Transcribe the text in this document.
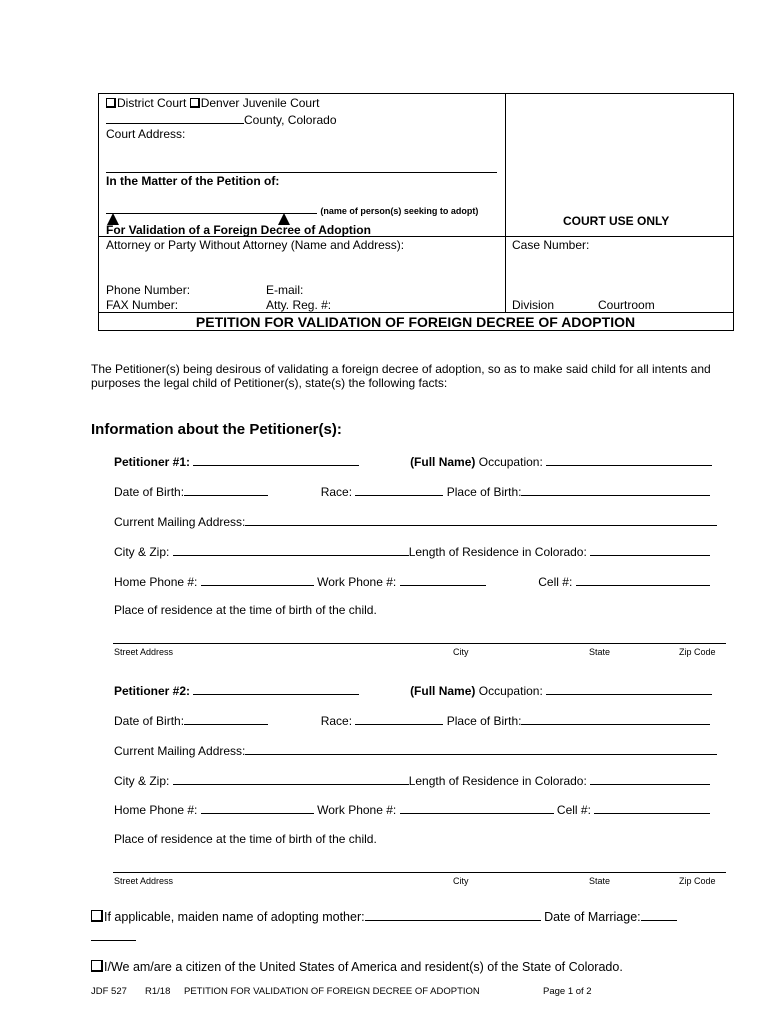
District Court Denver Juvenile Court
County, Colorado
Court Address:
In the Matter of the Petition of:
(name of person(s) seeking to adopt)
For Validation of a Foreign Decree of Adoption
COURT USE ONLY
Attorney or Party Without Attorney (Name and Address):	Case Number:
Phone Number:	E-mail:
FAX Number:	Atty. Reg. #:	Division	Courtroom
PETITION FOR VALIDATION OF FOREIGN DECREE OF ADOPTION
The Petitioner(s) being desirous of validating a foreign decree of adoption, so as to make said child for all intents and purposes the legal child of Petitioner(s), state(s) the following facts:
Information about the Petitioner(s):
Petitioner #1:	(Full Name) Occupation:
Date of Birth:	Race:	Place of Birth:
Current Mailing Address:
City & Zip:	Length of Residence in Colorado:
Home Phone #:	Work Phone #:	Cell #:
Place of residence at the time of birth of the child.
Street Address	City	State	Zip Code
Petitioner #2:	(Full Name) Occupation:
Date of Birth:	Race:	Place of Birth:
Current Mailing Address:
City & Zip:	Length of Residence in Colorado:
Home Phone #:	Work Phone #:	Cell #:
Place of residence at the time of birth of the child.
Street Address	City	State	Zip Code
If applicable, maiden name of adopting mother:	Date of Marriage:
I/We am/are a citizen of the United States of America and resident(s) of the State of Colorado.
JDF 527 R1/18 PETITION FOR VALIDATION OF FOREIGN DECREE OF ADOPTION	Page 1 of 2
